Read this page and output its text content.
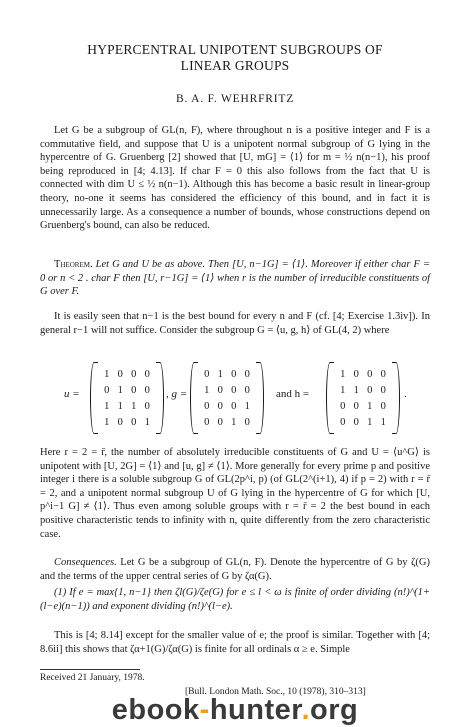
HYPERCENTRAL UNIPOTENT SUBGROUPS OF
LINEAR GROUPS
B. A. F. WEHRFRITZ

Let G be a subgroup of GL(n, F), where throughout n is a positive integer and F is a commutative field, and suppose that U is a unipotent normal subgroup of G lying in the hypercentre of G. Gruenberg [2] showed that [U, mG] = ⟨1⟩ for m = ½ n(n−1), his proof being reproduced in [4; 4.13]. If char F = 0 this also follows from the fact that U is connected with dim U ≤ ½ n(n−1). Although this has become a basic result in linear-group theory, no-one it seems has considered the efficiency of this bound, and in fact it is unnecessarily large. As a consequence a number of bounds, whose constructions depend on Gruenberg's bound, can also be reduced.

Theorem. Let G and U be as above. Then [U, n−1G] = ⟨1⟩. Moreover if either char F = 0 or n < 2 . char F then [U, r−1G] = ⟨1⟩ when r is the number of irreducible constituents of G over F.

It is easily seen that n−1 is the best bound for every n and F (cf. [4; Exercise 1.3iv]). In general r−1 will not suffice. Consider the subgroup G = ⟨u, g, h⟩ of GL(4, 2) where

u =
1 0 0 0
0 1 0 0
1 1 1 0
1 0 0 1
, g =
0 1 0 0
1 0 0 0
0 0 0 1
0 0 1 0
and h =
1 0 0 0
1 1 0 0
0 0 1 0
0 0 1 1
.

Here r = 2 = r̄, the number of absolutely irreducible constituents of G and U = ⟨u^G⟩ is unipotent with [U, 2G] = ⟨1⟩ and [u, g] ≠ ⟨1⟩. More generally for every prime p and positive integer i there is a soluble subgroup G of GL(2p^i, p) (of GL(2^(i+1), 4) if p = 2) with r = r̄ = 2, and a unipotent normal subgroup U of G lying in the hypercentre of G for which [U, p^i−1 G] ≠ ⟨1⟩. Thus even among soluble groups with r = r̄ = 2 the best bound in each positive characteristic tends to infinity with n, quite differently from the zero characteristic case.

Consequences. Let G be a subgroup of GL(n, F). Denote the hypercentre of G by ζ(G) and the terms of the upper central series of G by ζα(G).

(1) If e = max{1, n−1} then ζl(G)/ζe(G) for e ≤ l < ω is finite of order dividing (n!)^(1+(l−e)(n−1)) and exponent dividing (n!)^(l−e).

This is [4; 8.14] except for the smaller value of e; the proof is similar. Together with [4; 8.6ii] this shows that ζα+1(G)/ζα(G) is finite for all ordinals α ≥ e. Simple

Received 21 January, 1978.
[Bull. London Math. Soc., 10 (1978), 310–313]
ebook-hunter.org
